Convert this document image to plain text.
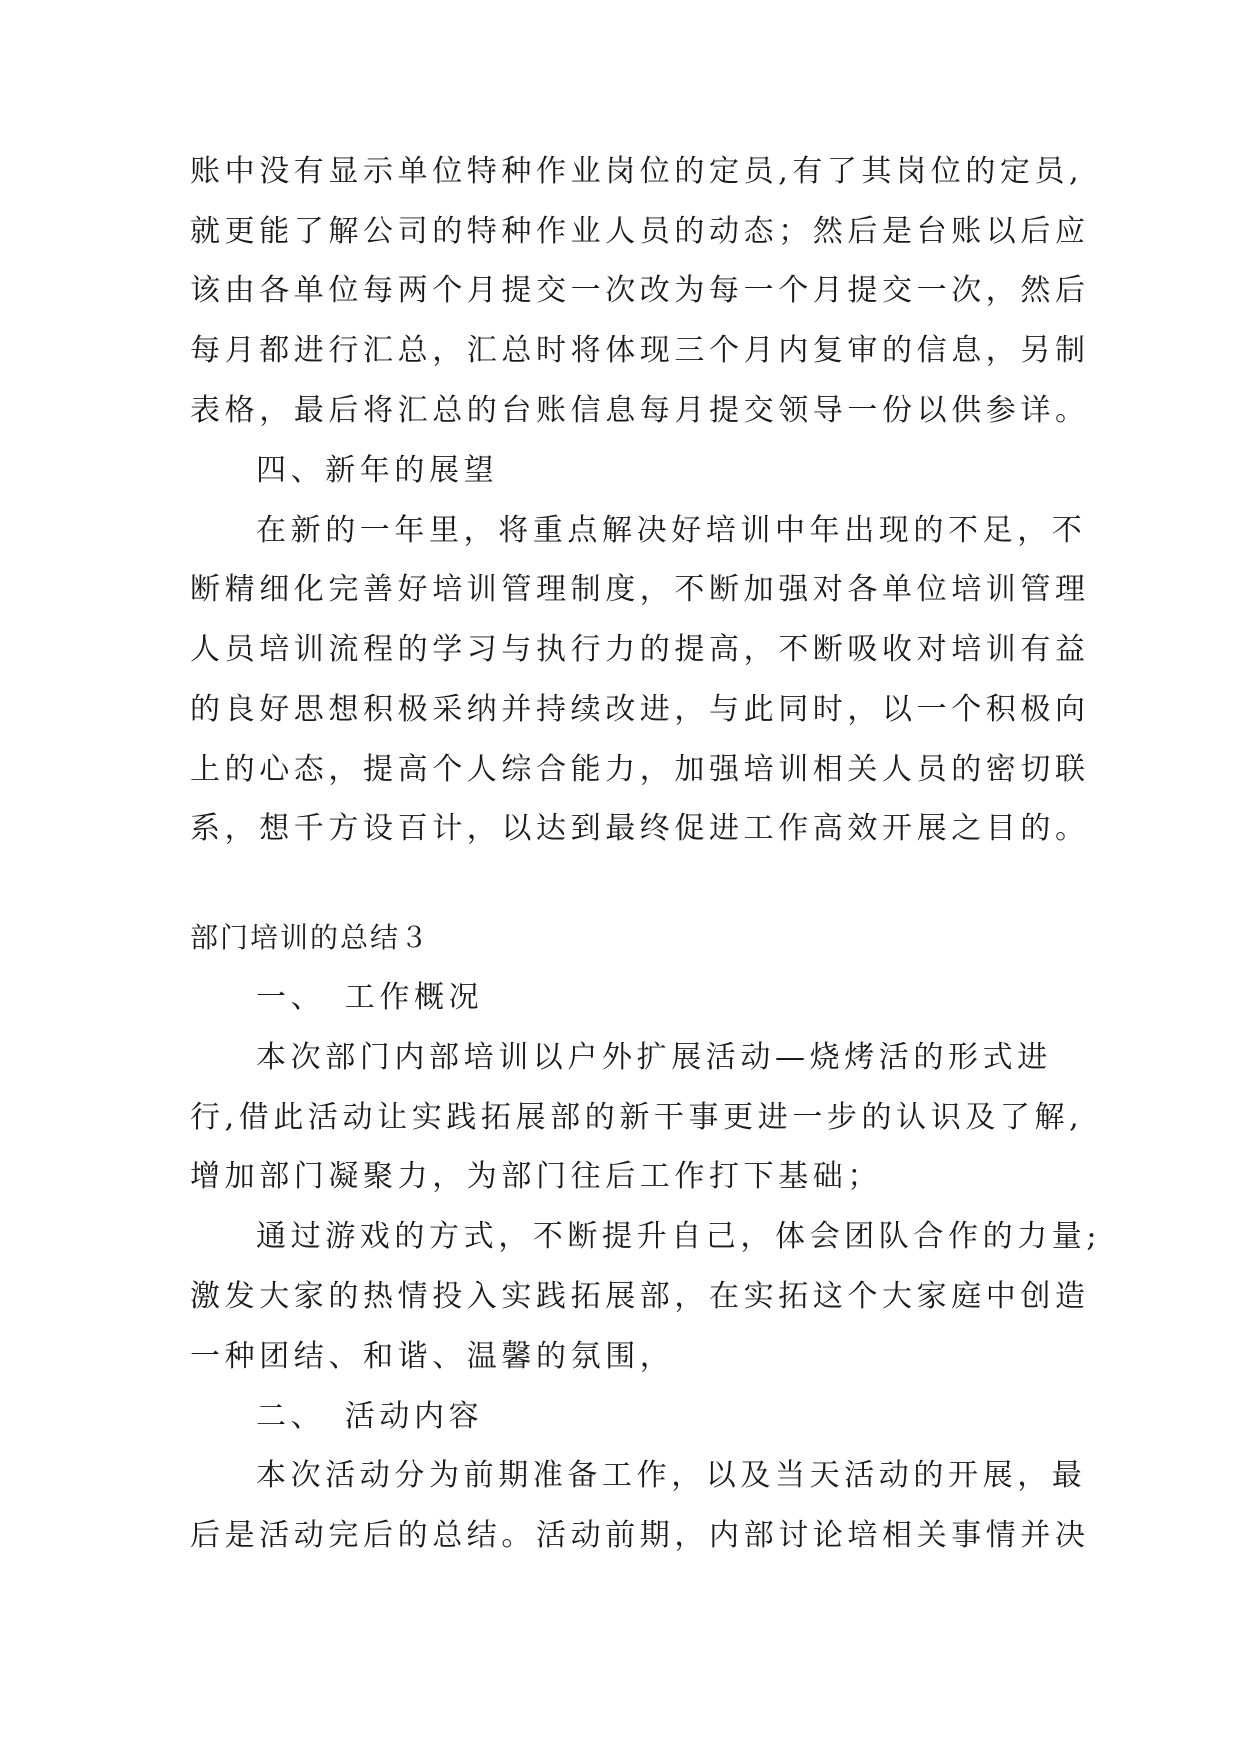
账中没有显示单位特种作业岗位的定员,有了其岗位的定员,
就更能了解公司的特种作业人员的动态；然后是台账以后应
该由各单位每两个月提交一次改为每一个月提交一次，然后
每月都进行汇总，汇总时将体现三个月内复审的信息，另制
表格，最后将汇总的台账信息每月提交领导一份以供参详。
四、新年的展望
在新的一年里，将重点解决好培训中年出现的不足，不
断精细化完善好培训管理制度，不断加强对各单位培训管理
人员培训流程的学习与执行力的提高，不断吸收对培训有益
的良好思想积极采纳并持续改进，与此同时，以一个积极向
上的心态，提高个人综合能力，加强培训相关人员的密切联
系，想千方设百计，以达到最终促进工作高效开展之目的。
部门培训的总结３
一、　工作概况
本次部门内部培训以户外扩展活动—烧烤活的形式进
行,借此活动让实践拓展部的新干事更进一步的认识及了解,
增加部门凝聚力，为部门往后工作打下基础；
通过游戏的方式，不断提升自己，体会团队合作的力量;
激发大家的热情投入实践拓展部，在实拓这个大家庭中创造
一种团结、和谐、温馨的氛围，
二、　活动内容
本次活动分为前期准备工作，以及当天活动的开展，最
后是活动完后的总结。活动前期，内部讨论培相关事情并决
